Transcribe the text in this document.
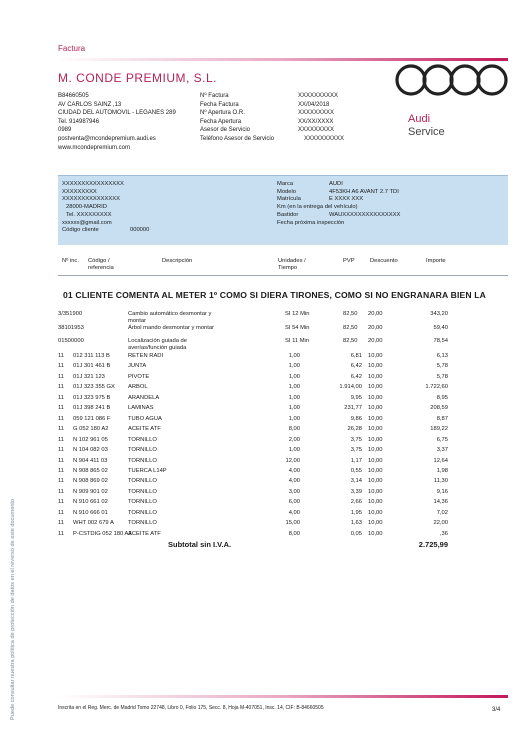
Factura
M. CONDE PREMIUM, S.L.
Audi
Service
B84660505
AV CARLOS SAINZ ,13
CIUDAD DEL AUTOMOVIL - LEGANES 289
Tel. 914987946
0989
postventa@mcondepremium.audi.es
www.mcondepremium.com
Nº Factura	XXXXXXXXXX
Fecha Factura	XX/04/2018
Nº Apertura O.R.	XXXXXXXXX
Fecha Apertura	XX/XX/XXXX
Asesor de Servicio	XXXXXXXXX
Teléfono Asesor de Servicio	XXXXXXXXXX
XXXXXXXXXXXXXXXX
XXXXXXXXX
XXXXXXXXXXXXXXX
28000-MADRID
Tel. XXXXXXXXX
xxxxxx@gmail.com
Código cliente	000000
Marca	AUDI
Modelo	4F53KH A6 AVANT 2.7 TDI
Matrícula	E XXXX XXX
Km (en la entrega del vehículo)
Bastidor	WAUXXXXXXXXXXXXXXX
Fecha próxima inspección
Nº inc. Código /
referencia
Descripción	Unidades /
Tiempo
PVP	Descuento	Importe
01 CLIENTE COMENTA AL METER 1º COMO SI DIERA TIRONES, COMO SI NO ENGRANARA BIEN LA
3/351900	Cambio automático desmontar y
montar
SI 12 Min	82,50 20,00	343,20
38101953	Árbol mando desmontar y montar	SI 54 Min	82,50 20,00	59,40
01500000	Localización guiada de
averías/función guiada
SI 11 Min	82,50 20,00	78,54
11 012 311 113 B	RETEN RADI	1,00	6,81 10,00	6,13
11 01J 301 461 B	JUNTA	1,00	6,42 10,00	5,78
11 01J 321 123	PIVOTE	1,00	6,42 10,00	5,78
11 01J 323 355 GX ARBOL	1,00	1.914,00 10,00	1.722,60
11 01J 323 975 B	ARANDELA	1,00	9,95 10,00	8,95
11 01J 398 241 B	LAMINAS	1,00	231,77 10,00	208,59
11 059 121 086 F	TUBO AGUA	1,00	9,86 10,00	8,87
11 G 052 180 A2	ACEITE ATF	8,00	26,28 10,00	189,22
11 N 102 961 05	TORNILLO	2,00	3,75 10,00	6,75
11 N 104 082 03	TORNILLO	1,00	3,75 10,00	3,37
11 N 904 411 03	TORNILLO	12,00	1,17 10,00	12,64
11 N 908 865 02	TUERCA L14P	4,00	0,55 10,00	1,98
11 N 908 869 02	TORNILLO	4,00	3,14 10,00	11,30
11 N 909 901 02	TORNILLO	3,00	3,39 10,00	9,16
11 N 910 661 02	TORNILLO	6,00	2,66 10,00	14,36
11 N 910 666 01	TORNILLO	4,00	1,95 10,00	7,02
11 WHT 002 679 A TORNILLO	15,00	1,63 10,00	22,00
11 P-CSTDIG 052 180 A2
ACEITE ATF	8,00	0,05 10,00	,36
Subtotal sin I.V.A.	2.725,99
Puede consultar nuestra política de protección de datos en el reverso de este documento	Inscrita en el Reg. Merc. de Madrid Tomo 22748, Libro 0, Folio 175, Secc. 8, Hoja M-407051, Insc. 14, CIF: B-84660505	3/4
